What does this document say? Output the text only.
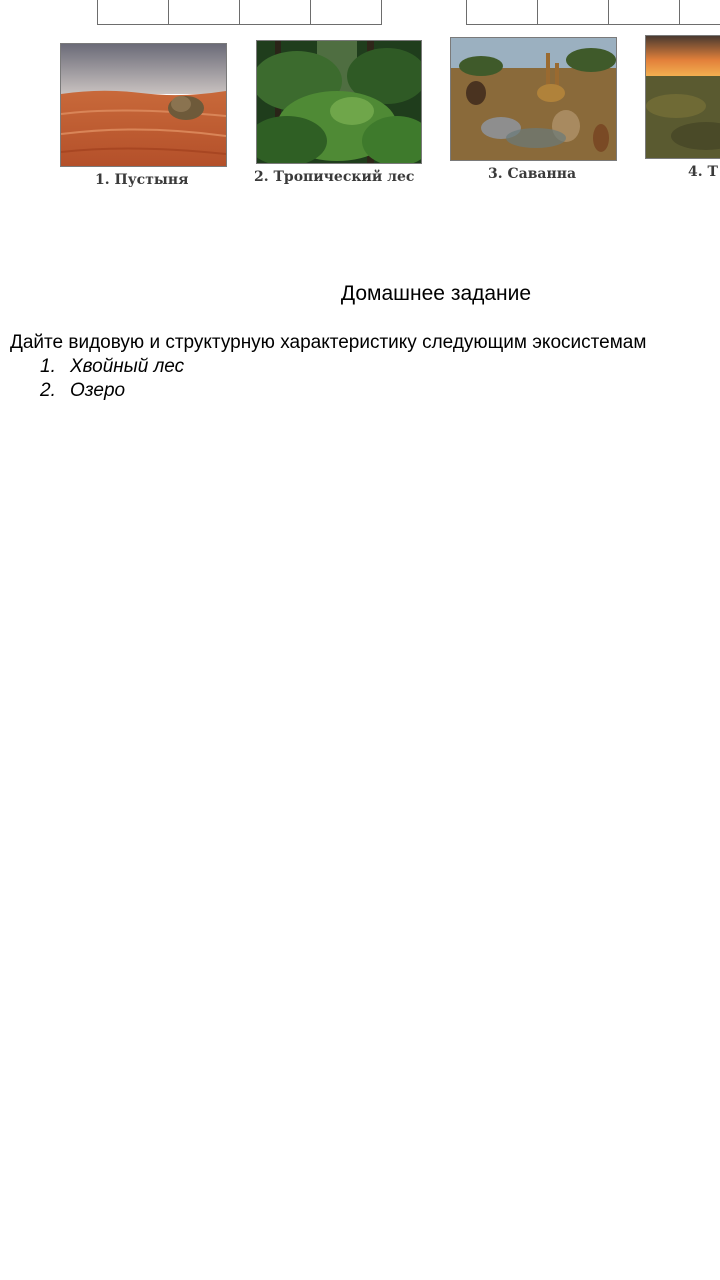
1. Пустыня	2. Тропический лес	3. Саванна	4. Т
Домашнее задание

Дайте видовую и структурную характеристику следующим экосистемам

1. Хвойный лес
2. Озеро
